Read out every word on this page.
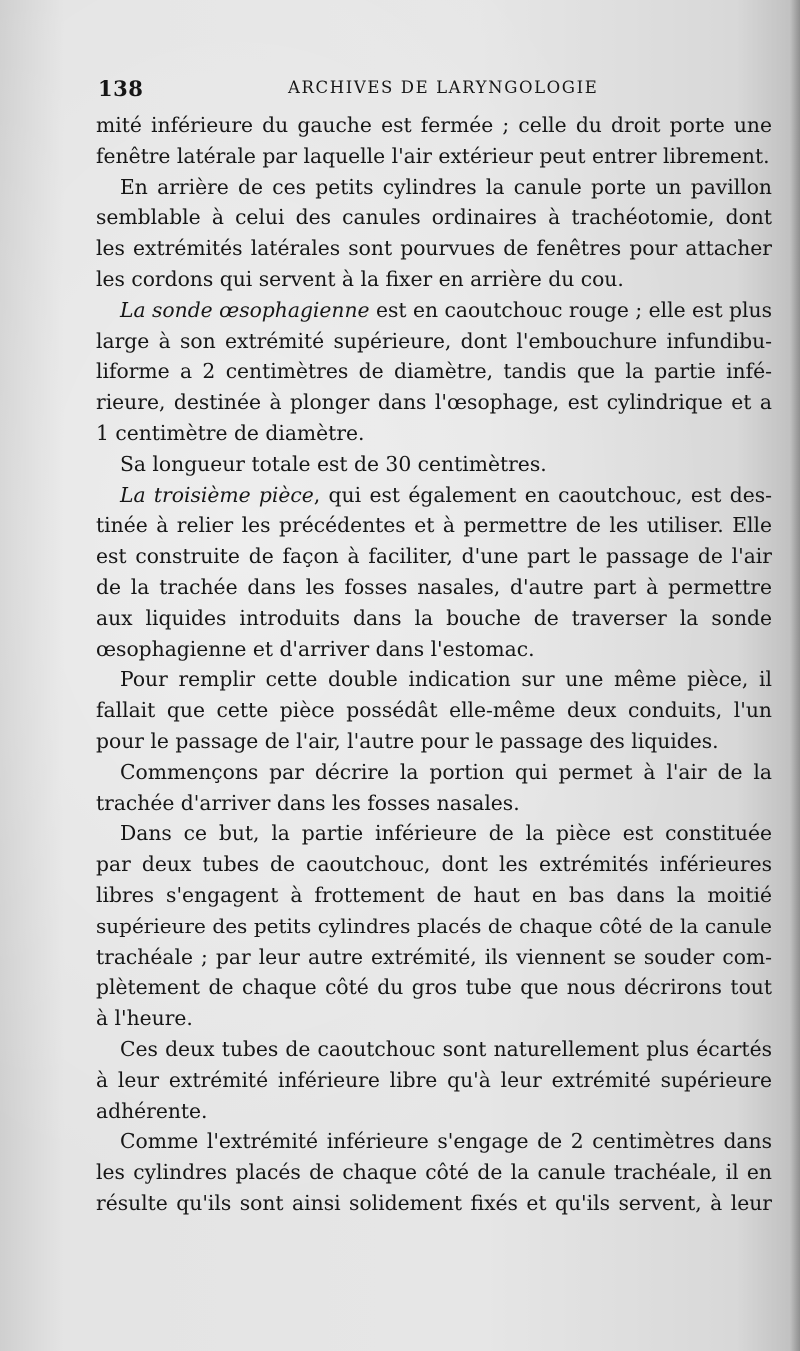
138	ARCHIVES DE LARYNGOLOGIE
mité inférieure du gauche est fermée ; celle du droit porte une
fenêtre latérale par laquelle l'air extérieur peut entrer librement.
En arrière de ces petits cylindres la canule porte un pavillon
semblable à celui des canules ordinaires à trachéotomie, dont
les extrémités latérales sont pourvues de fenêtres pour attacher
les cordons qui servent à la fixer en arrière du cou.
La sonde œsophagienne est en caoutchouc rouge ; elle est plus
large à son extrémité supérieure, dont l'embouchure infundibu-
liforme a 2 centimètres de diamètre, tandis que la partie infé-
rieure, destinée à plonger dans l'œsophage, est cylindrique et a
1 centimètre de diamètre.
Sa longueur totale est de 30 centimètres.
La troisième pièce, qui est également en caoutchouc, est des-
tinée à relier les précédentes et à permettre de les utiliser. Elle
est construite de façon à faciliter, d'une part le passage de l'air
de la trachée dans les fosses nasales, d'autre part à permettre
aux liquides introduits dans la bouche de traverser la sonde
œsophagienne et d'arriver dans l'estomac.
Pour remplir cette double indication sur une même pièce, il
fallait que cette pièce possédât elle-même deux conduits, l'un
pour le passage de l'air, l'autre pour le passage des liquides.
Commençons par décrire la portion qui permet à l'air de la
trachée d'arriver dans les fosses nasales.
Dans ce but, la partie inférieure de la pièce est constituée
par deux tubes de caoutchouc, dont les extrémités inférieures
libres s'engagent à frottement de haut en bas dans la moitié
supérieure des petits cylindres placés de chaque côté de la canule
trachéale ; par leur autre extrémité, ils viennent se souder com-
plètement de chaque côté du gros tube que nous décrirons tout
à l'heure.
Ces deux tubes de caoutchouc sont naturellement plus écartés
à leur extrémité inférieure libre qu'à leur extrémité supérieure
adhérente.
Comme l'extrémité inférieure s'engage de 2 centimètres dans
les cylindres placés de chaque côté de la canule trachéale, il en
résulte qu'ils sont ainsi solidement fixés et qu'ils servent, à leur
